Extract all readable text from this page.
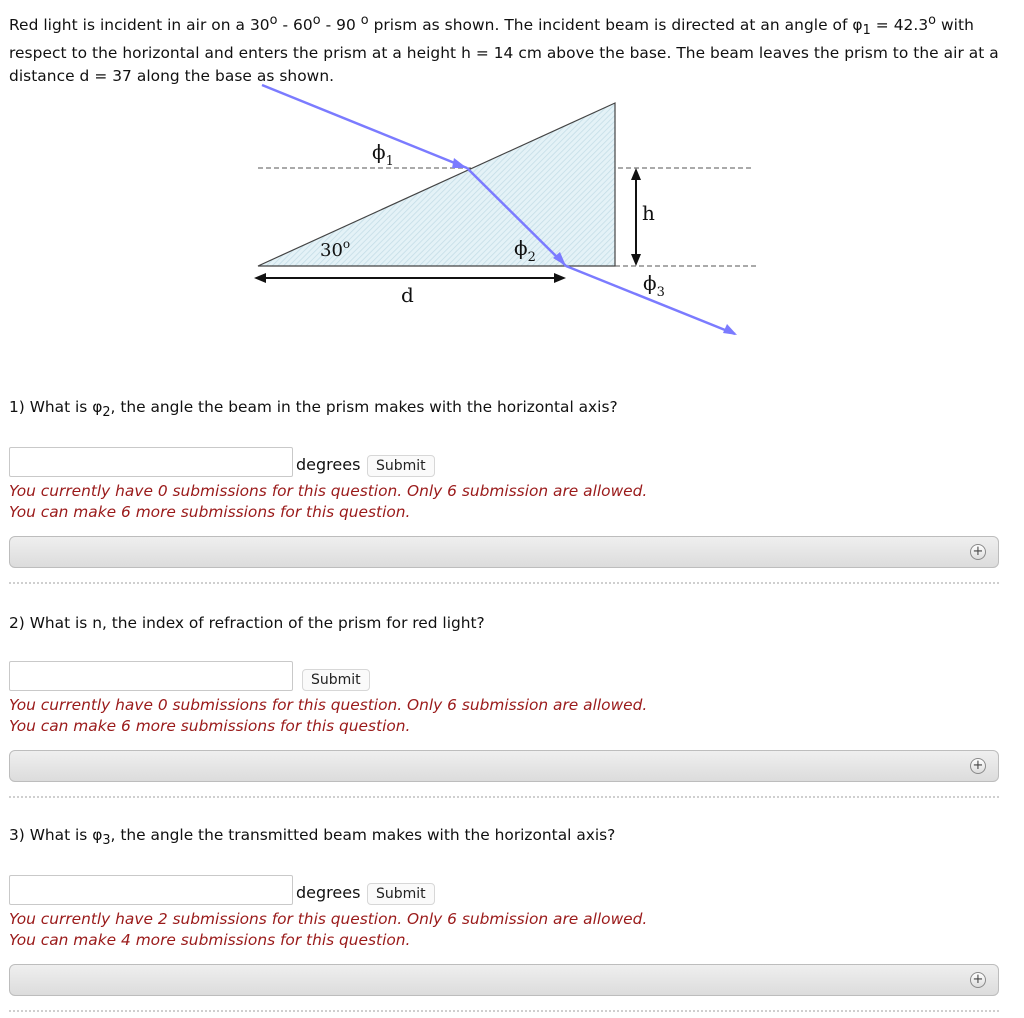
Red light is incident in air on a 30$^o$ - 60$^o$ - 90 $^o$ prism as shown. The incident beam is directed at an angle of $\varphi_1 = 42.3^o$ with respect to the horizontal and enters the prism at a height h = 14 cm above the base. The beam leaves the prism to the air at a distance d = 37 along the base as shown.
$\phi_1$
30$^o$	$\phi_2$
h
d	$\phi_3$
1) What is $\varphi_2$, the angle the beam in the prism makes with the horizontal axis?
degrees	Submit
You currently have 0 submissions for this question. Only 6 submission are allowed.
You can make 6 more submissions for this question.
+
2) What is n, the index of refraction of the prism for red light?
Submit
You currently have 0 submissions for this question. Only 6 submission are allowed.
You can make 6 more submissions for this question.
+
3) What is $\varphi_3$, the angle the transmitted beam makes with the horizontal axis?
degrees	Submit
You currently have 2 submissions for this question. Only 6 submission are allowed.
You can make 4 more submissions for this question.
+
